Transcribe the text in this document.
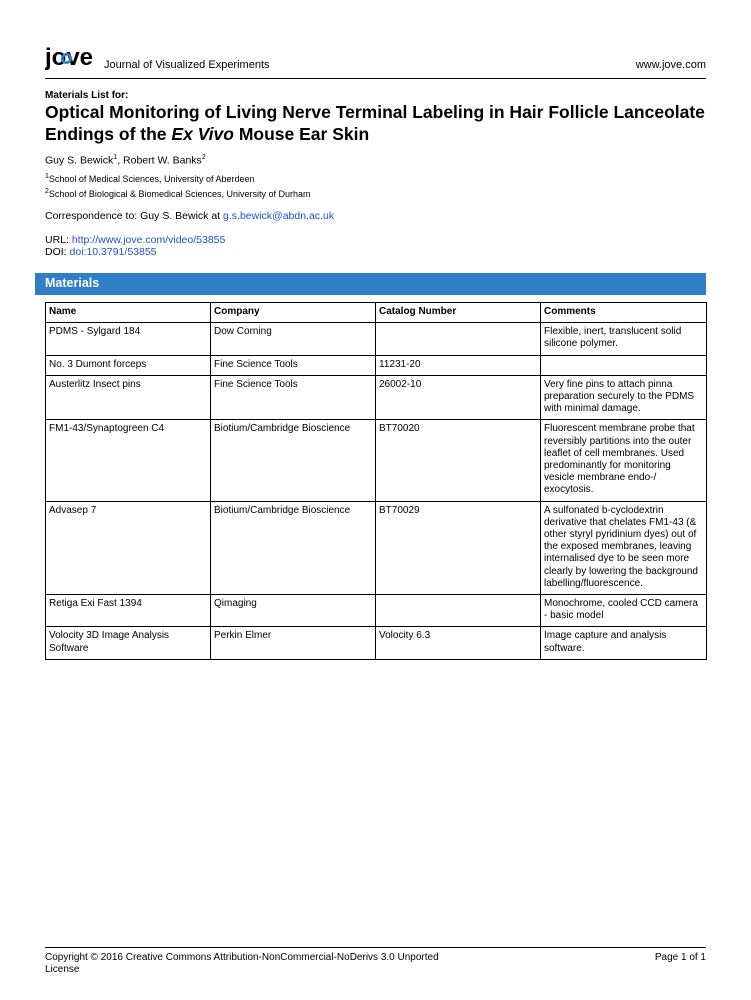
jove Journal of Visualized Experiments	www.jove.com
Materials List for:
Optical Monitoring of Living Nerve Terminal Labeling in Hair Follicle Lanceolate Endings of the Ex Vivo Mouse Ear Skin
Guy S. Bewick$^1$, Robert W. Banks$^2$
$^1$School of Medical Sciences, University of Aberdeen
$^2$School of Biological & Biomedical Sciences, University of Durham
Correspondence to: Guy S. Bewick at g.s.bewick@abdn.ac.uk
URL: http://www.jove.com/video/53855
DOI: doi:10.3791/53855
Materials
Name	Company	Catalog Number	Comments
PDMS - Sylgard 184	Dow Corning		Flexible, inert, translucent solid silicone polymer.
No. 3 Dumont forceps	Fine Science Tools	11231-20	
Austerlitz Insect pins	Fine Science Tools	26002-10	Very fine pins to attach pinna preparation securely to the PDMS with minimal damage.
FM1-43/Synaptogreen C4	Biotium/Cambridge Bioscience	BT70020	Fluorescent membrane probe that reversibly partitions into the outer leaflet of cell membranes. Used predominantly for monitoring vesicle membrane endo-/ exocytosis.
Advasep 7	Biotium/Cambridge Bioscience	BT70029	A sulfonated b-cyclodextrin derivative that chelates FM1-43 (& other styryl pyridinium dyes) out of the exposed membranes, leaving internalised dye to be seen more clearly by lowering the background labelling/fluorescence.
Retiga Exi Fast 1394	Qimaging		Monochrome, cooled CCD camera - basic model
Volocity 3D Image Analysis Software	Perkin Elmer	Volocity 6.3	Image capture and analysis software.
Copyright © 2016 Creative Commons Attribution-NonCommercial-NoDerivs 3.0 Unported License
Page 1 of 1
